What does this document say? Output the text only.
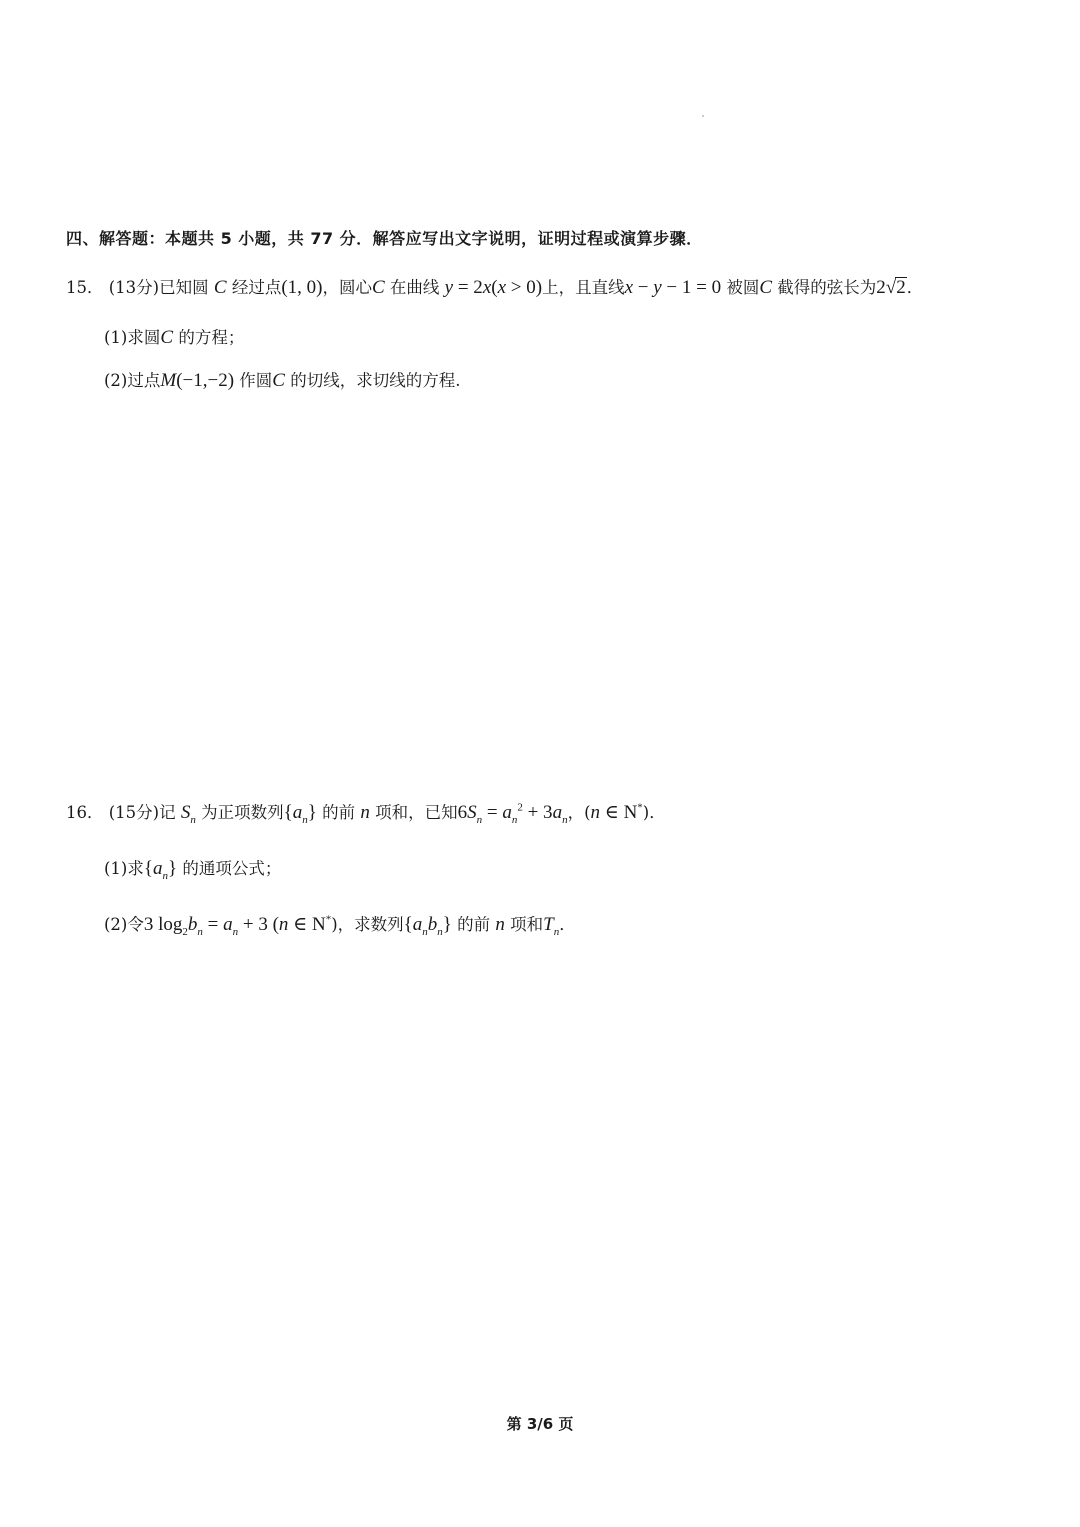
四、解答题：本题共 5 小题，共 77 分．解答应写出文字说明，证明过程或演算步骤．
15． (13分)已知圆 C 经过点(1, 0)，圆心C 在曲线 y = 2x(x > 0)上，且直线x − y − 1 = 0 被圆C 截得的弦长为2√2．
(1)求圆C 的方程；
(2)过点M(−1,−2) 作圆C 的切线，求切线的方程.
16． (15分)记 $S_n$ 为正项数列$\{a_n\}$ 的前 n 项和，已知$6S_n = a_n^2 + 3a_n$，(n ∈ N*)．
(1)求$\{a_n\}$ 的通项公式；
(2)令3 $\log_2b_n = a_n + 3$ (n ∈ N*)，求数列$\{a_nb_n\}$ 的前 n 项和$T_n$．
第 3/6 页
